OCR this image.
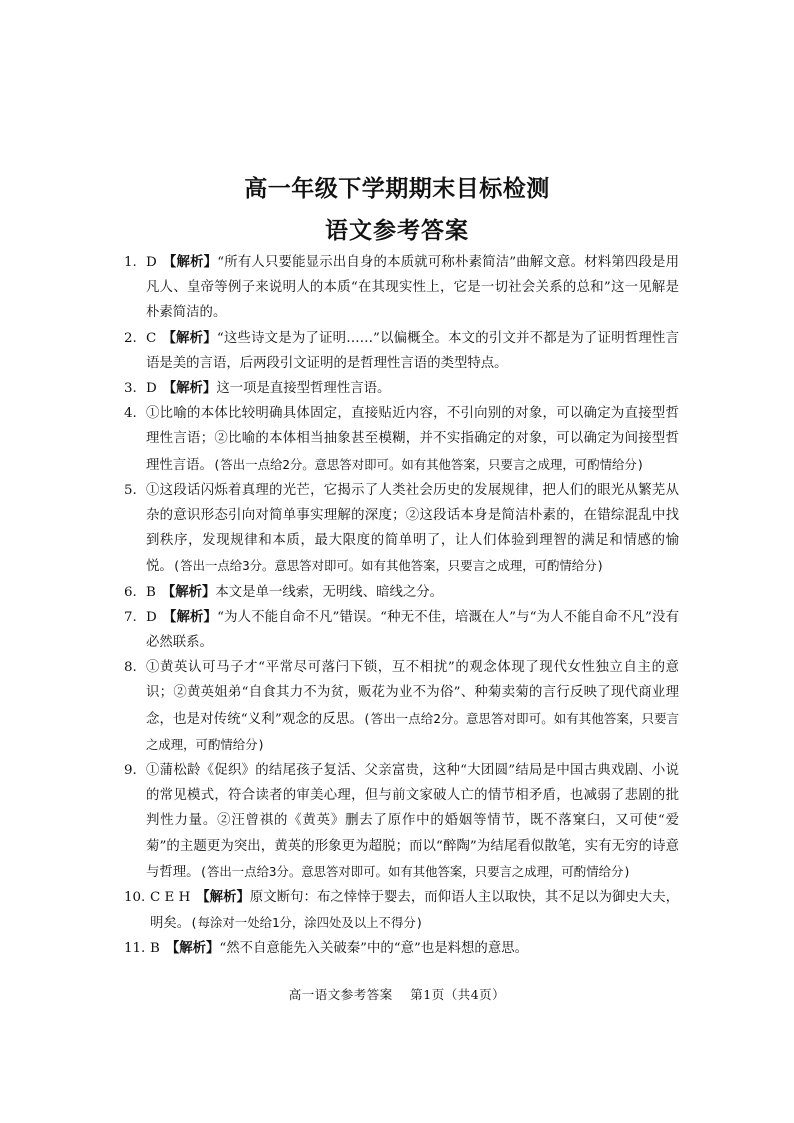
高一年级下学期期末目标检测
语文参考答案
1. D 【解析】“所有人只要能显示出自身的本质就可称朴素简洁”曲解文意。材料第四段是用凡人、皇帝等例子来说明人的本质“在其现实性上，它是一切社会关系的总和”这一见解是朴素简洁的。
2. C 【解析】“这些诗文是为了证明……”以偏概全。本文的引文并不都是为了证明哲理性言语是美的言语，后两段引文证明的是哲理性言语的类型特点。
3. D 【解析】这一项是直接型哲理性言语。
4. ①比喻的本体比较明确具体固定，直接贴近内容，不引向别的对象，可以确定为直接型哲理性言语；②比喻的本体相当抽象甚至模糊，并不实指确定的对象，可以确定为间接型哲理性言语。(答出一点给2分。意思答对即可。如有其他答案，只要言之成理，可酌情给分)
5. ①这段话闪烁着真理的光芒，它揭示了人类社会历史的发展规律，把人们的眼光从繁芜从杂的意识形态引向对简单事实理解的深度；②这段话本身是简洁朴素的，在错综混乱中找到秩序，发现规律和本质，最大限度的简单明了，让人们体验到理智的满足和情感的愉悦。(答出一点给3分。意思答对即可。如有其他答案，只要言之成理，可酌情给分)
6. B 【解析】本文是单一线索，无明线、暗线之分。
7. D 【解析】“为人不能自命不凡”错误。“种无不佳，培溉在人”与“为人不能自命不凡”没有必然联系。
8. ①黄英认可马子才“平常尽可落闩下锁，互不相扰”的观念体现了现代女性独立自主的意识；②黄英姐弟“自食其力不为贫，贩花为业不为俗”、种菊卖菊的言行反映了现代商业理念，也是对传统“义利”观念的反思。(答出一点给2分。意思答对即可。如有其他答案，只要言之成理，可酌情给分)
9. ①蒲松龄《促织》的结尾孩子复活、父亲富贵，这种“大团圆”结局是中国古典戏剧、小说的常见模式，符合读者的审美心理，但与前文家破人亡的情节相矛盾，也减弱了悲剧的批判性力量。②汪曾祺的《黄英》删去了原作中的婚姻等情节，既不落窠臼，又可使“爱菊”的主题更为突出，黄英的形象更为超脱；而以“醉陶”为结尾看似散笔，实有无穷的诗意与哲理。(答出一点给3分。意思答对即可。如有其他答案，只要言之成理，可酌情给分)
10. C E H 【解析】原文断句：布之悻悻于婴去，而仰语人主以取快，其不足以为御史大夫，明矣。(每涂对一处给1分，涂四处及以上不得分)
11. B 【解析】“然不自意能先入关破秦”中的“意”也是料想的意思。
高一语文参考答案　 第1页（共4页）
